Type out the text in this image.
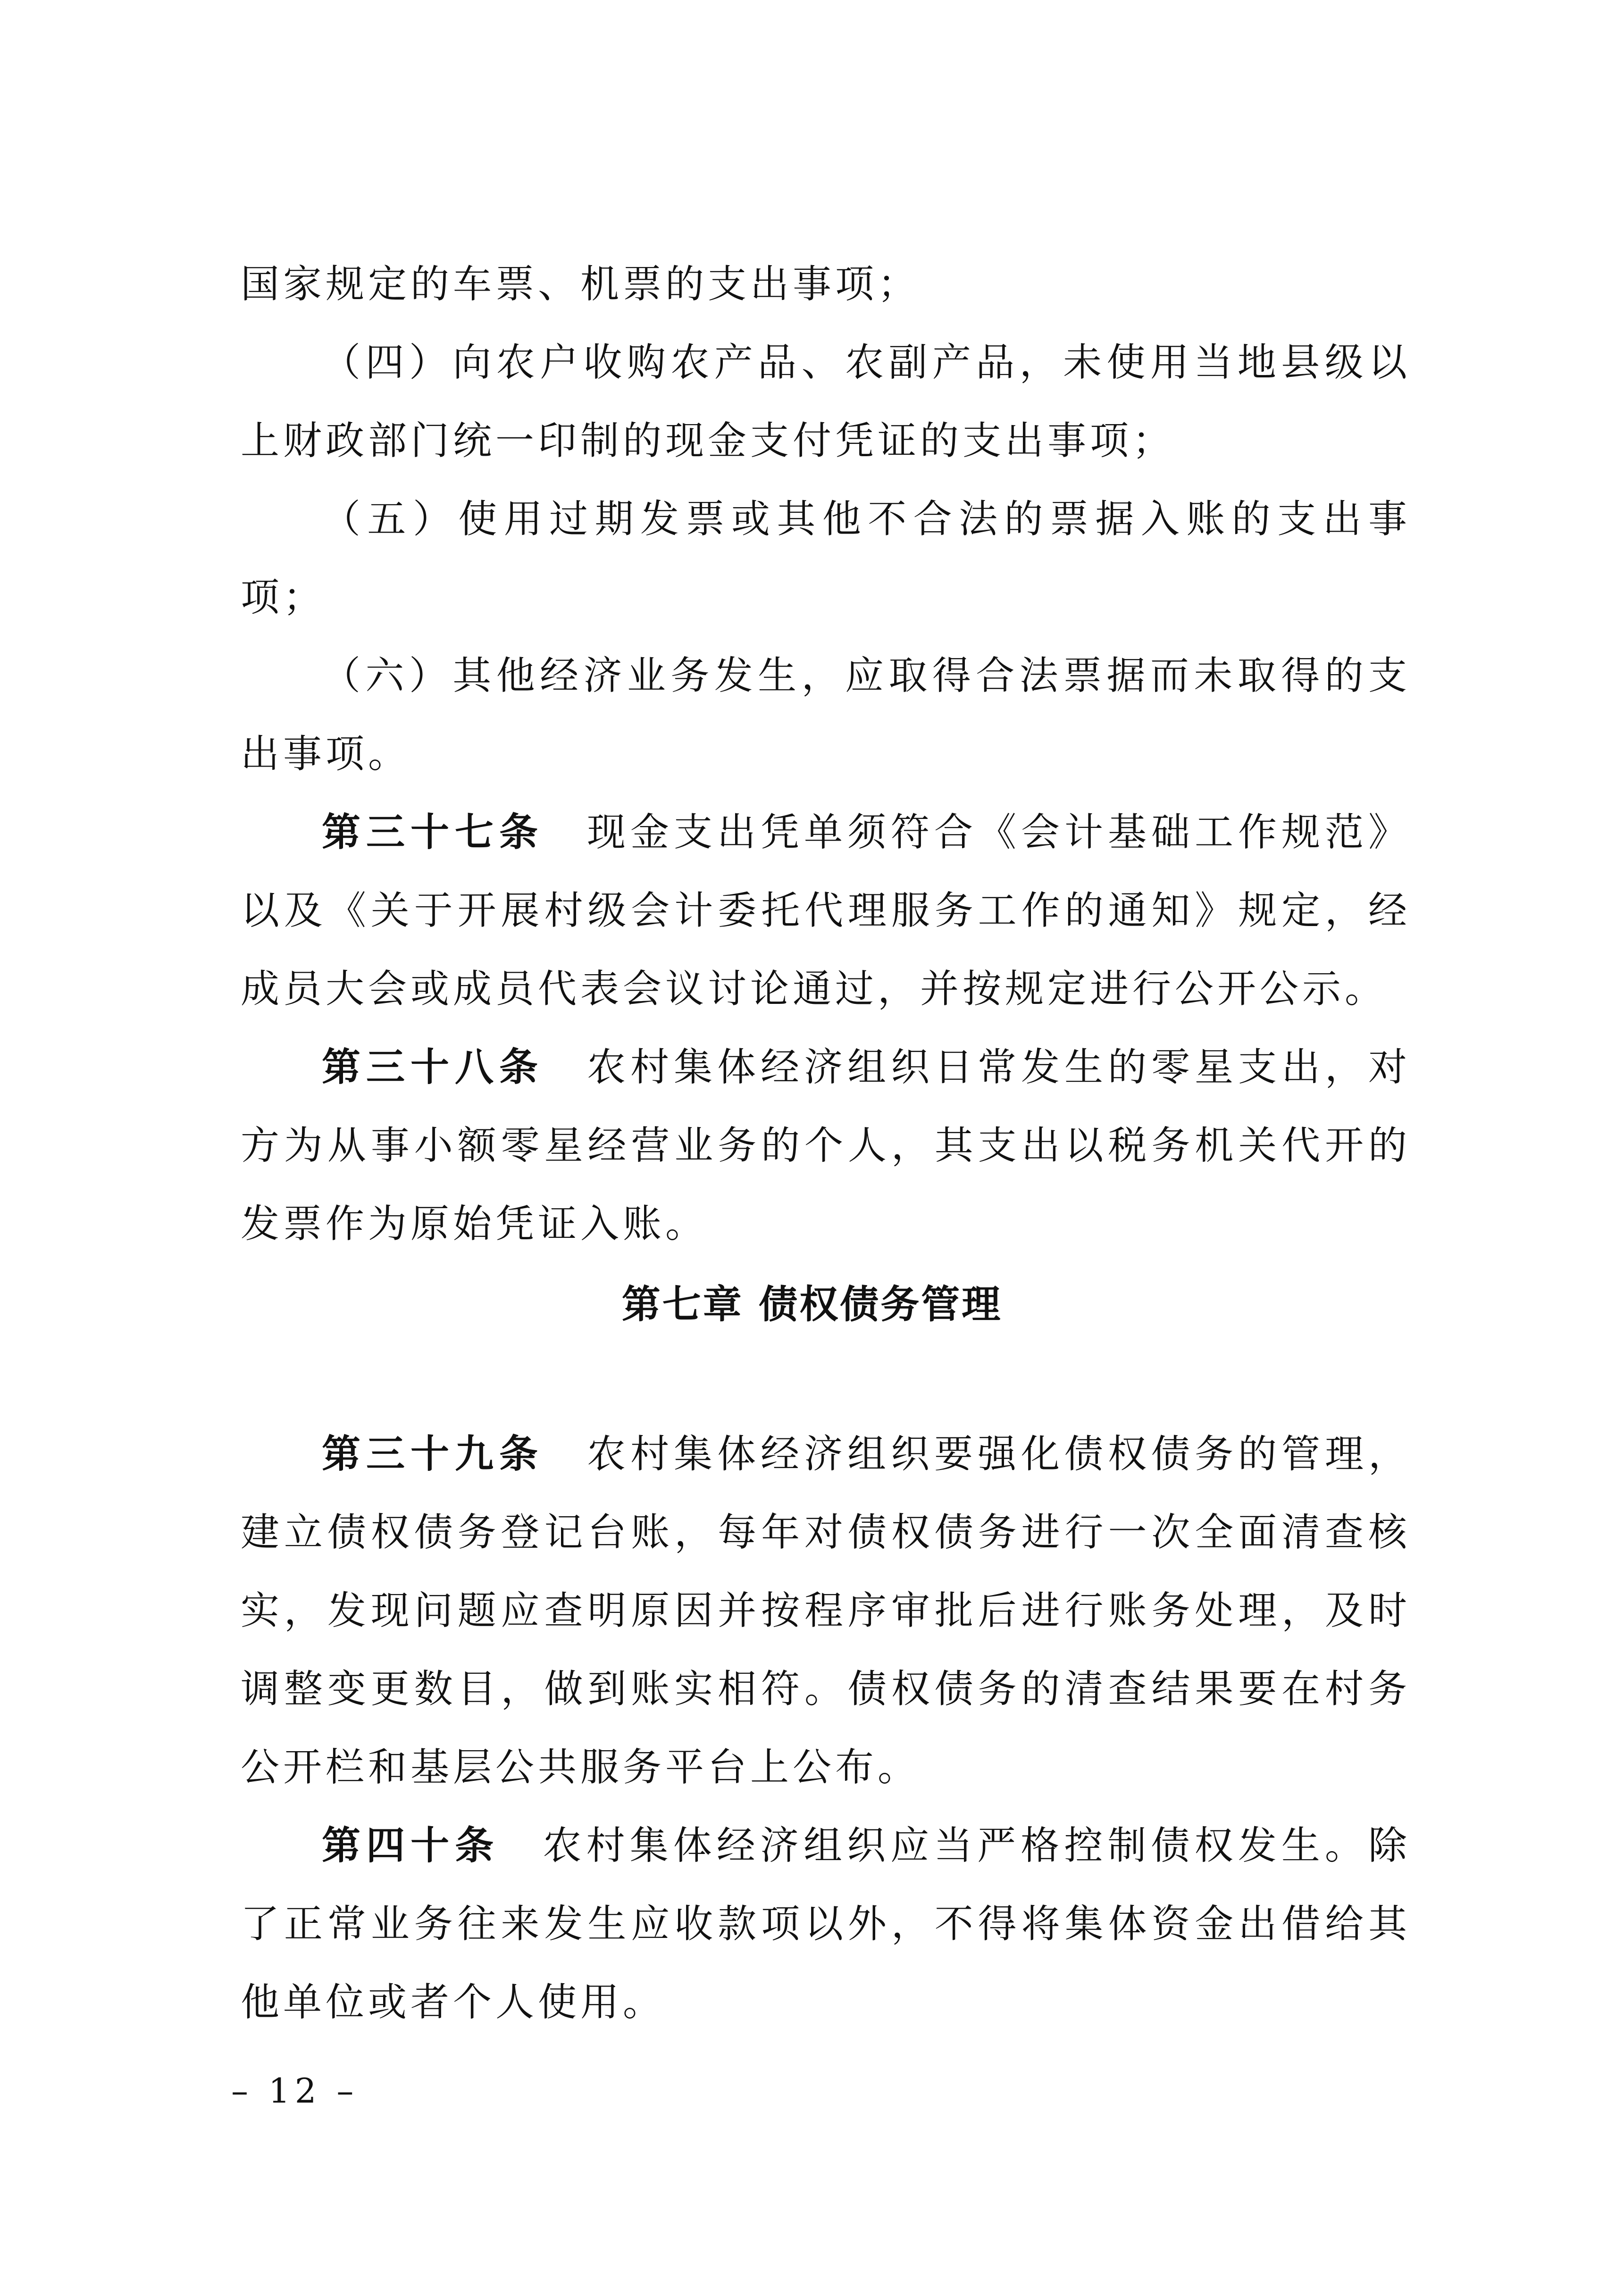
国家规定的车票、机票的支出事项；

（四）向农户收购农产品、农副产品，未使用当地县级以上财政部门统一印制的现金支付凭证的支出事项；

（五）使用过期发票或其他不合法的票据入账的支出事项；

（六）其他经济业务发生，应取得合法票据而未取得的支出事项。

第三十七条　 现金支出凭单须符合《会计基础工作规范》以及《关于开展村级会计委托代理服务工作的通知》规定，经成员大会或成员代表会议讨论通过，并按规定进行公开公示。

第三十八条　 农村集体经济组织日常发生的零星支出，对方为从事小额零星经营业务的个人，其支出以税务机关代开的发票作为原始凭证入账。

第七章 债权债务管理

第三十九条　 农村集体经济组织要强化债权债务的管理，建立债权债务登记台账，每年对债权债务进行一次全面清查核实，发现问题应查明原因并按程序审批后进行账务处理，及时调整变更数目，做到账实相符。债权债务的清查结果要在村务公开栏和基层公共服务平台上公布。

第四十条　 农村集体经济组织应当严格控制债权发生。除了正常业务往来发生应收款项以外，不得将集体资金出借给其他单位或者个人使用。

– 12 –
